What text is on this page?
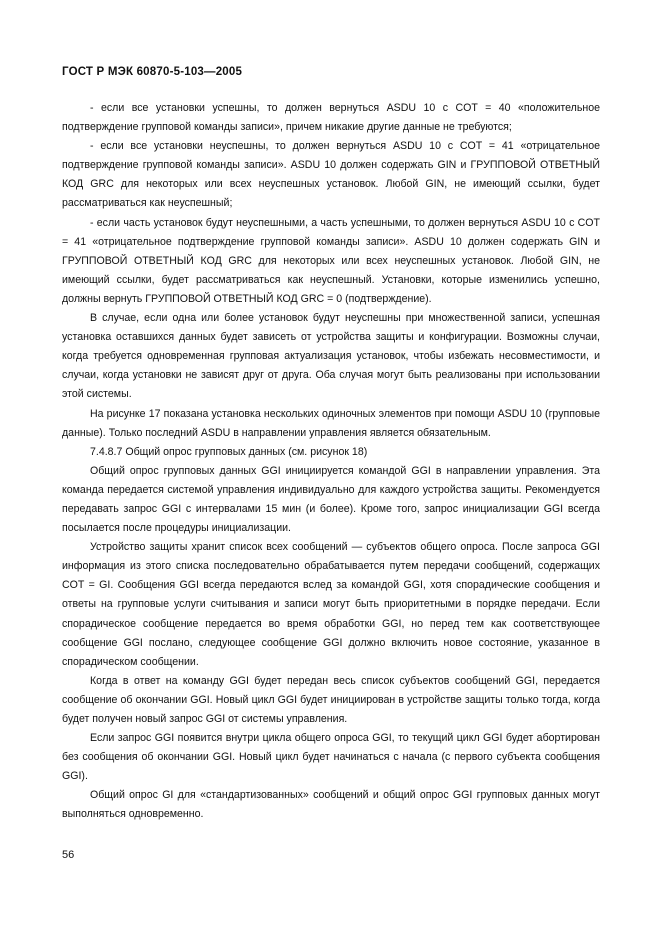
ГОСТ Р МЭК 60870-5-103—2005

- если все установки успешны, то должен вернуться ASDU 10 с COT = 40 «положительное подтверждение групповой команды записи», причем никакие другие данные не требуются;

- если все установки неуспешны, то должен вернуться ASDU 10 с COT = 41 «отрицательное подтверждение групповой команды записи». ASDU 10 должен содержать GIN и ГРУППОВОЙ ОТВЕТНЫЙ КОД GRC для некоторых или всех неуспешных установок. Любой GIN, не имеющий ссылки, будет рассматриваться как неуспешный;

- если часть установок будут неуспешными, а часть успешными, то должен вернуться ASDU 10 с COT = 41 «отрицательное подтверждение групповой команды записи». ASDU 10 должен содержать GIN и ГРУППОВОЙ ОТВЕТНЫЙ КОД GRC для некоторых или всех неуспешных установок. Любой GIN, не имеющий ссылки, будет рассматриваться как неуспешный. Установки, которые изменились успешно, должны вернуть ГРУППОВОЙ ОТВЕТНЫЙ КОД GRC = 0 (подтверждение).

В случае, если одна или более установок будут неуспешны при множественной записи, успешная установка оставшихся данных будет зависеть от устройства защиты и конфигурации. Возможны случаи, когда требуется одновременная групповая актуализация установок, чтобы избежать несовместимости, и случаи, когда установки не зависят друг от друга. Оба случая могут быть реализованы при использовании этой системы.

На рисунке 17 показана установка нескольких одиночных элементов при помощи ASDU 10 (групповые данные). Только последний ASDU в направлении управления является обязательным.

7.4.8.7 Общий опрос групповых данных (см. рисунок 18)

Общий опрос групповых данных GGI инициируется командой GGI в направлении управления. Эта команда передается системой управления индивидуально для каждого устройства защиты. Рекомендуется передавать запрос GGI с интервалами 15 мин (и более). Кроме того, запрос инициализации GGI всегда посылается после процедуры инициализации.

Устройство защиты хранит список всех сообщений — субъектов общего опроса. После запроса GGI информация из этого списка последовательно обрабатывается путем передачи сообщений, содержащих COT = GI. Сообщения GGI всегда передаются вслед за командой GGI, хотя спорадические сообщения и ответы на групповые услуги считывания и записи могут быть приоритетными в порядке передачи. Если спорадическое сообщение передается во время обработки GGI, но перед тем как соответствующее сообщение GGI послано, следующее сообщение GGI должно включить новое состояние, указанное в спорадическом сообщении.

Когда в ответ на команду GGI будет передан весь список субъектов сообщений GGI, передается сообщение об окончании GGI. Новый цикл GGI будет инициирован в устройстве защиты только тогда, когда будет получен новый запрос GGI от системы управления.

Если запрос GGI появится внутри цикла общего опроса GGI, то текущий цикл GGI будет абортирован без сообщения об окончании GGI. Новый цикл будет начинаться с начала (с первого субъекта сообщения GGI).

Общий опрос GI для «стандартизованных» сообщений и общий опрос GGI групповых данных могут выполняться одновременно.

56
